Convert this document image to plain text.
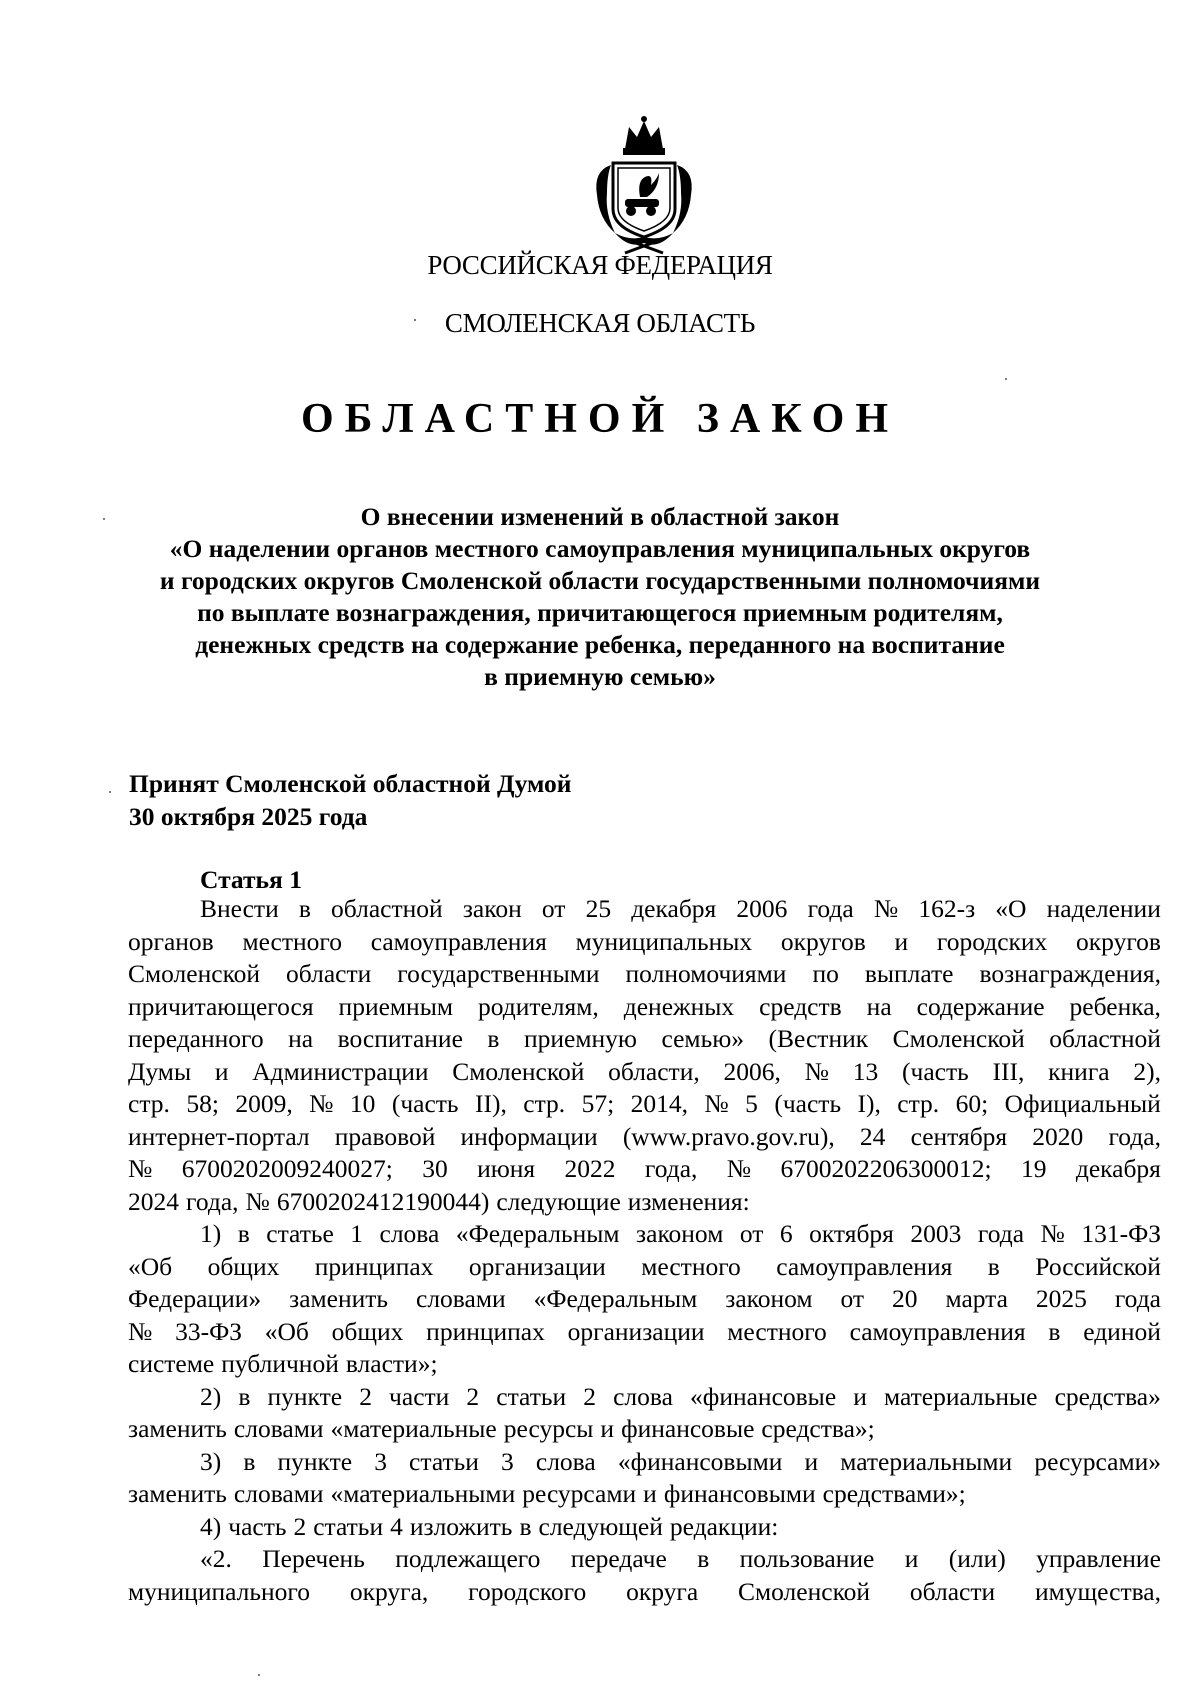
РОССИЙСКАЯ ФЕДЕРАЦИЯ
СМОЛЕНСКАЯ ОБЛАСТЬ
ОБЛАСТНОЙ ЗАКОН
О внесении изменений в областной закон
«О наделении органов местного самоуправления муниципальных округов
и городских округов Смоленской области государственными полномочиями
по выплате вознаграждения, причитающегося приемным родителям,
денежных средств на содержание ребенка, переданного на воспитание
в приемную семью»
Принят Смоленской областной Думой
30 октября 2025 года
Статья 1
Внести в областной закон от 25 декабря 2006 года № 162-з «О наделении
органов местного самоуправления муниципальных округов и городских округов
Смоленской области государственными полномочиями по выплате вознаграждения,
причитающегося приемным родителям, денежных средств на содержание ребенка,
переданного на воспитание в приемную семью» (Вестник Смоленской областной
Думы и Администрации Смоленской области, 2006, № 13 (часть III, книга 2),
стр. 58; 2009, № 10 (часть II), стр. 57; 2014, № 5 (часть I), стр. 60; Официальный
интернет-портал правовой информации (www.pravo.gov.ru), 24 сентября 2020 года,
№ 6700202009240027; 30 июня 2022 года, № 6700202206300012; 19 декабря
2024 года, № 6700202412190044) следующие изменения:
1) в статье 1 слова «Федеральным законом от 6 октября 2003 года № 131-ФЗ
«Об общих принципах организации местного самоуправления в Российской
Федерации» заменить словами «Федеральным законом от 20 марта 2025 года
№ 33-ФЗ «Об общих принципах организации местного самоуправления в единой
системе публичной власти»;
2) в пункте 2 части 2 статьи 2 слова «финансовые и материальные средства»
заменить словами «материальные ресурсы и финансовые средства»;
3) в пункте 3 статьи 3 слова «финансовыми и материальными ресурсами»
заменить словами «материальными ресурсами и финансовыми средствами»;
4) часть 2 статьи 4 изложить в следующей редакции:
«2. Перечень подлежащего передаче в пользование и (или) управление
муниципального округа, городского округа Смоленской области имущества,
